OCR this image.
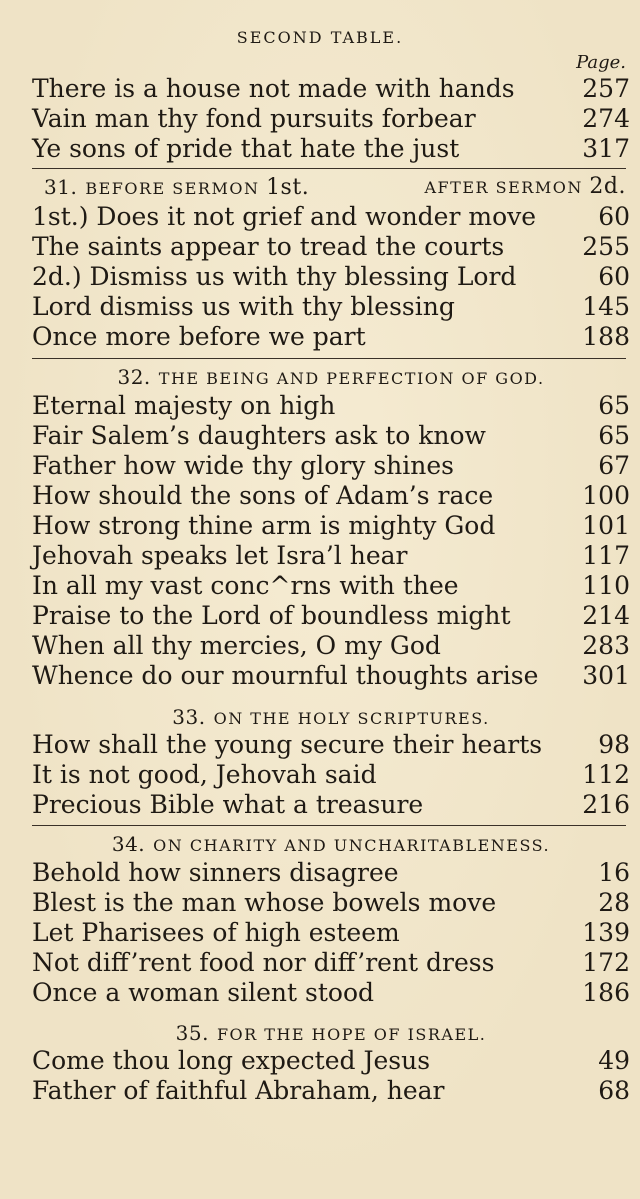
SECOND TABLE.
Page.
There is a house not made with hands	257
Vain man thy fond pursuits forbear	274
Ye sons of pride that hate the just	317
31. BEFORE SERMON 1st.	AFTER SERMON 2d.
1st.) Does it not grief and wonder move 60
The saints appear to tread the courts	255
2d.) Dismiss us with thy blessing Lord	60
Lord dismiss us with thy blessing	145
Once more before we part	188
32. THE BEING AND PERFECTION OF GOD.
Eternal majesty on high	65
Fair Salem’s daughters ask to know	65
Father how wide thy glory shines	67
How should the sons of Adam’s race	100
How strong thine arm is mighty God	101
Jehovah speaks let Isra’l hear	117
In all my vast conc^rns with thee	110
Praise to the Lord of boundless might	214
When all thy mercies, O my God	283
Whence do our mournful thoughts arise 301
33. ON THE HOLY SCRIPTURES.
How shall the young secure their hearts 98
It is not good, Jehovah said	112
Precious Bible what a treasure	216
34. ON CHARITY AND UNCHARITABLENESS.
Behold how sinners disagree	16
Blest is the man whose bowels move	28
Let Pharisees of high esteem	139
Not diff’rent food nor diff’rent dress	172
Once a woman silent stood	186
35. FOR THE HOPE OF ISRAEL.
Come thou long expected Jesus	49
Father of faithful Abraham, hear	68
